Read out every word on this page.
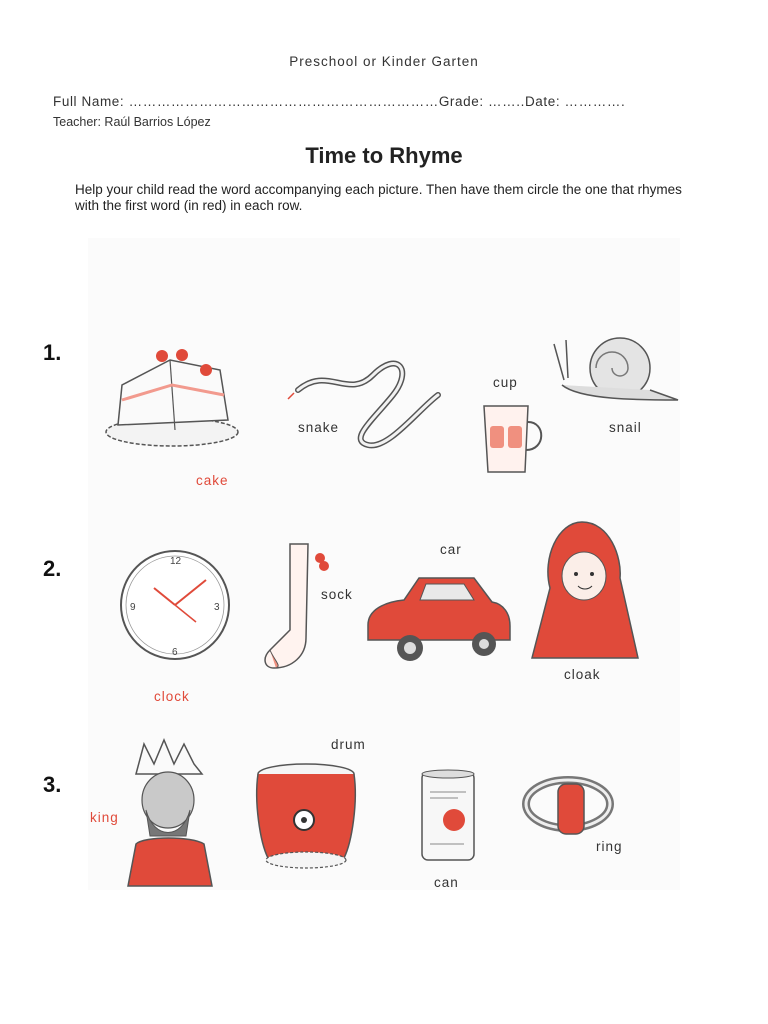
Preschool or Kinder Garten
Full Name: …………………………………………………………Grade: ……..Date: ………….
Teacher: Raúl Barrios López
Time to Rhyme
Help your child read the word accompanying each picture. Then have them circle the one that rhymes with the first word (in red) in each row.
1.
2.
3.
cake
snake
cup
snail
12
3
6
9
clock
sock
car
cloak
king
drum
can
ring
